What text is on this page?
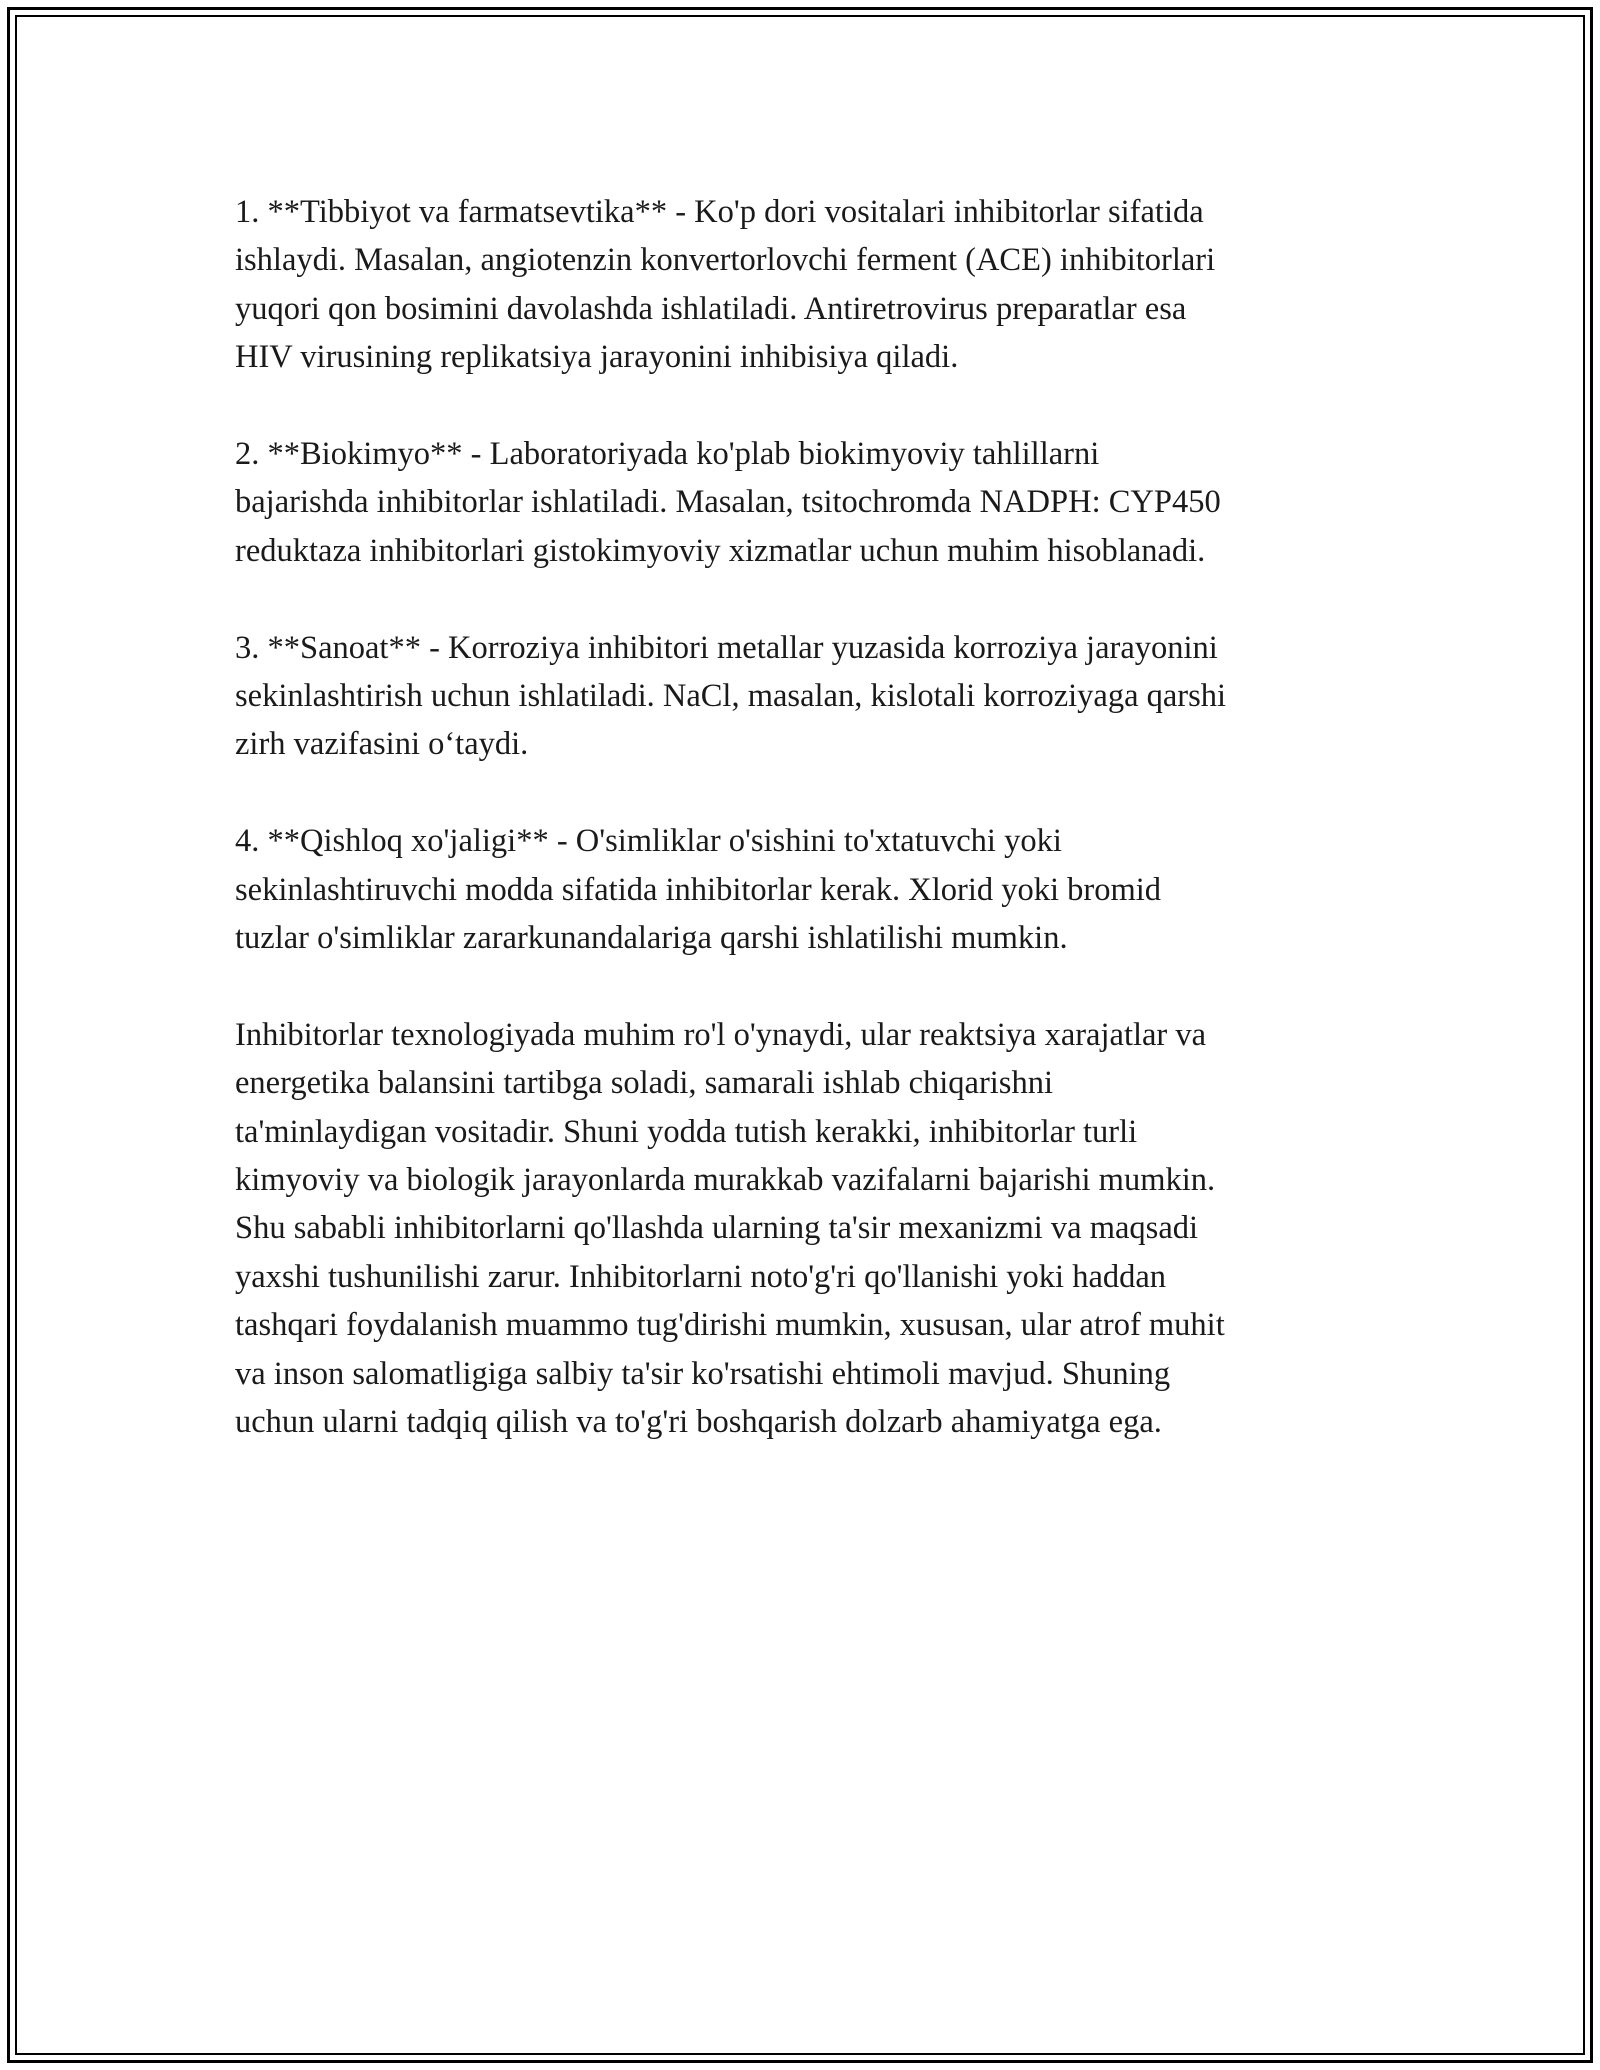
1. **Tibbiyot va farmatsevtika** - Ko'p dori vositalari inhibitorlar sifatida
ishlaydi. Masalan, angiotenzin konvertorlovchi ferment (ACE) inhibitorlari
yuqori qon bosimini davolashda ishlatiladi. Antiretrovirus preparatlar esa
HIV virusining replikatsiya jarayonini inhibisiya qiladi.

2. **Biokimyo** - Laboratoriyada ko'plab biokimyoviy tahlillarni
bajarishda inhibitorlar ishlatiladi. Masalan, tsitochromda NADPH: CYP450
reduktaza inhibitorlari gistokimyoviy xizmatlar uchun muhim hisoblanadi.

3. **Sanoat** - Korroziya inhibitori metallar yuzasida korroziya jarayonini
sekinlashtirish uchun ishlatiladi. NaCl, masalan, kislotali korroziyaga qarshi
zirh vazifasini o‘taydi.

4. **Qishloq xo'jaligi** - O'simliklar o'sishini to'xtatuvchi yoki
sekinlashtiruvchi modda sifatida inhibitorlar kerak. Xlorid yoki bromid
tuzlar o'simliklar zararkunandalariga qarshi ishlatilishi mumkin.

Inhibitorlar texnologiyada muhim ro'l o'ynaydi, ular reaktsiya xarajatlar va
energetika balansini tartibga soladi, samarali ishlab chiqarishni
ta'minlaydigan vositadir. Shuni yodda tutish kerakki, inhibitorlar turli
kimyoviy va biologik jarayonlarda murakkab vazifalarni bajarishi mumkin.
Shu sababli inhibitorlarni qo'llashda ularning ta'sir mexanizmi va maqsadi
yaxshi tushunilishi zarur. Inhibitorlarni noto'g'ri qo'llanishi yoki haddan
tashqari foydalanish muammo tug'dirishi mumkin, xususan, ular atrof muhit
va inson salomatligiga salbiy ta'sir ko'rsatishi ehtimoli mavjud. Shuning
uchun ularni tadqiq qilish va to'g'ri boshqarish dolzarb ahamiyatga ega.
